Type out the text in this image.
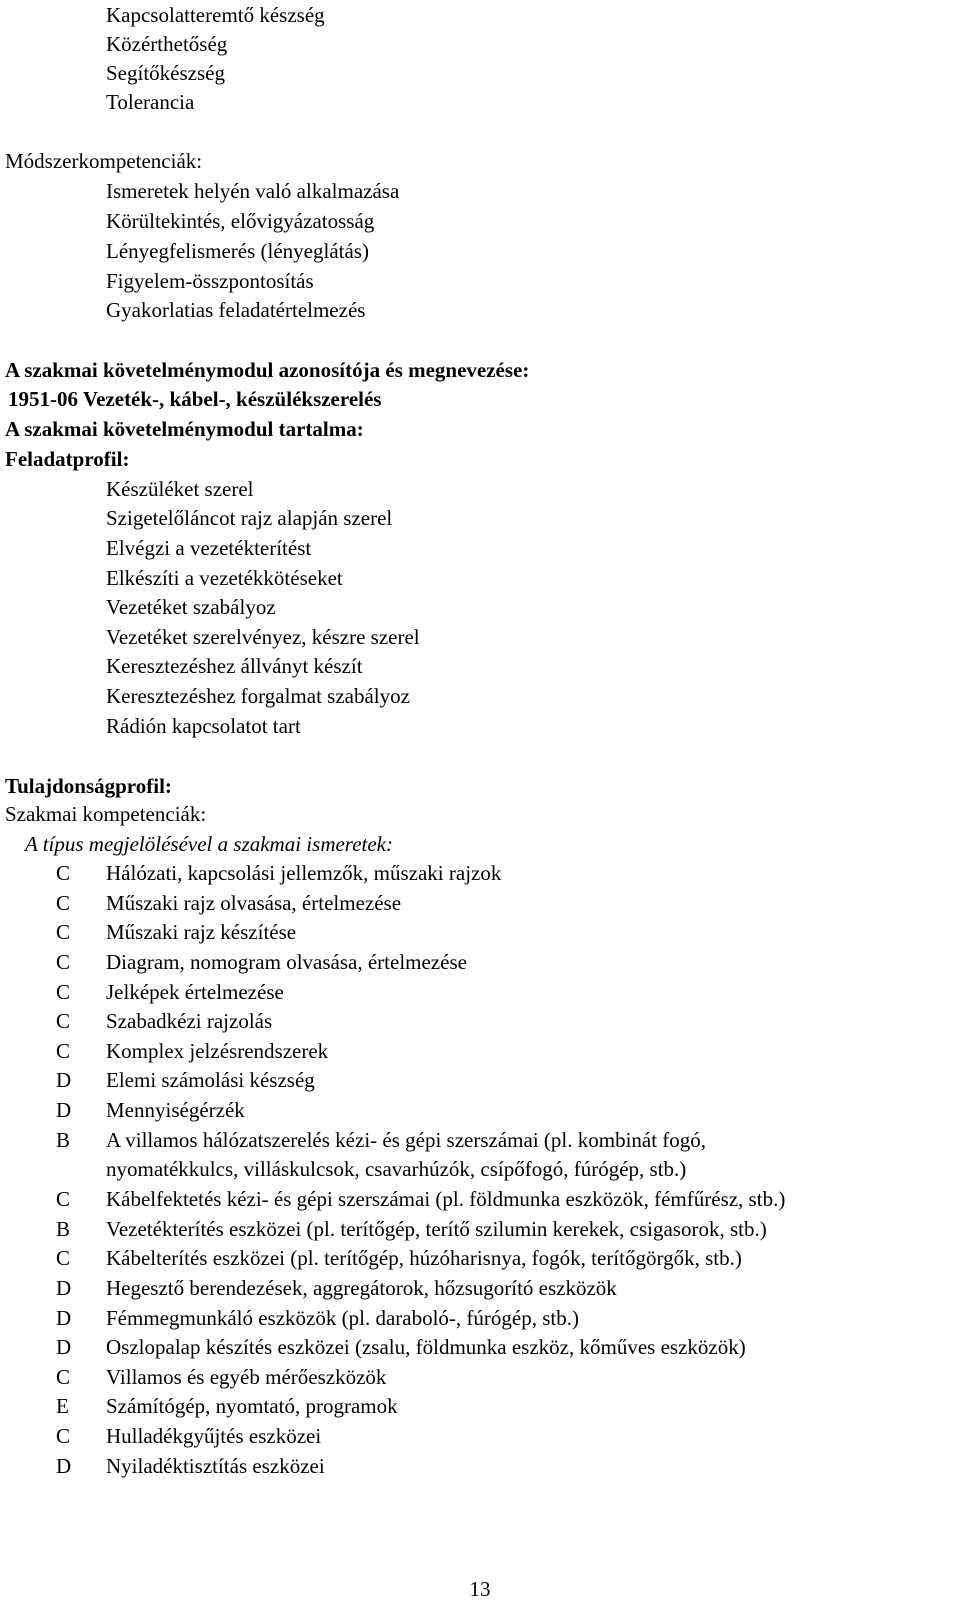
Kapcsolatteremtő készség
Közérthetőség
Segítőkészség
Tolerancia
Módszerkompetenciák:
Ismeretek helyén való alkalmazása
Körültekintés, elővigyázatosság
Lényegfelismerés (lényeglátás)
Figyelem-összpontosítás
Gyakorlatias feladatértelmezés
A szakmai követelménymodul azonosítója és megnevezése:
1951-06 Vezeték-, kábel-, készülékszerelés
A szakmai követelménymodul tartalma:
Feladatprofil:
Készüléket szerel
Szigetelőláncot rajz alapján szerel
Elvégzi a vezetékterítést
Elkészíti a vezetékkötéseket
Vezetéket szabályoz
Vezetéket szerelvényez, készre szerel
Keresztezéshez állványt készít
Keresztezéshez forgalmat szabályoz
Rádión kapcsolatot tart
Tulajdonságprofil:
Szakmai kompetenciák:
A típus megjelölésével a szakmai ismeretek:
C Hálózati, kapcsolási jellemzők, műszaki rajzok
C Műszaki rajz olvasása, értelmezése
C Műszaki rajz készítése
C Diagram, nomogram olvasása, értelmezése
C Jelképek értelmezése
C Szabadkézi rajzolás
C Komplex jelzésrendszerek
D Elemi számolási készség
D Mennyiségérzék
B A villamos hálózatszerelés kézi- és gépi szerszámai (pl. kombinát fogó,
nyomatékkulcs, villáskulcsok, csavarhúzók, csípőfogó, fúrógép, stb.)
C Kábelfektetés kézi- és gépi szerszámai (pl. földmunka eszközök, fémfűrész, stb.)
B Vezetékterítés eszközei (pl. terítőgép, terítő szilumin kerekek, csigasorok, stb.)
C Kábelterítés eszközei (pl. terítőgép, húzóharisnya, fogók, terítőgörgők, stb.)
D Hegesztő berendezések, aggregátorok, hőzsugorító eszközök
D Fémmegmunkáló eszközök (pl. daraboló-, fúrógép, stb.)
D Oszlopalap készítés eszközei (zsalu, földmunka eszköz, kőműves eszközök)
C Villamos és egyéb mérőeszközök
E Számítógép, nyomtató, programok
C Hulladékgyűjtés eszközei
D Nyiladéktisztítás eszközei
13
